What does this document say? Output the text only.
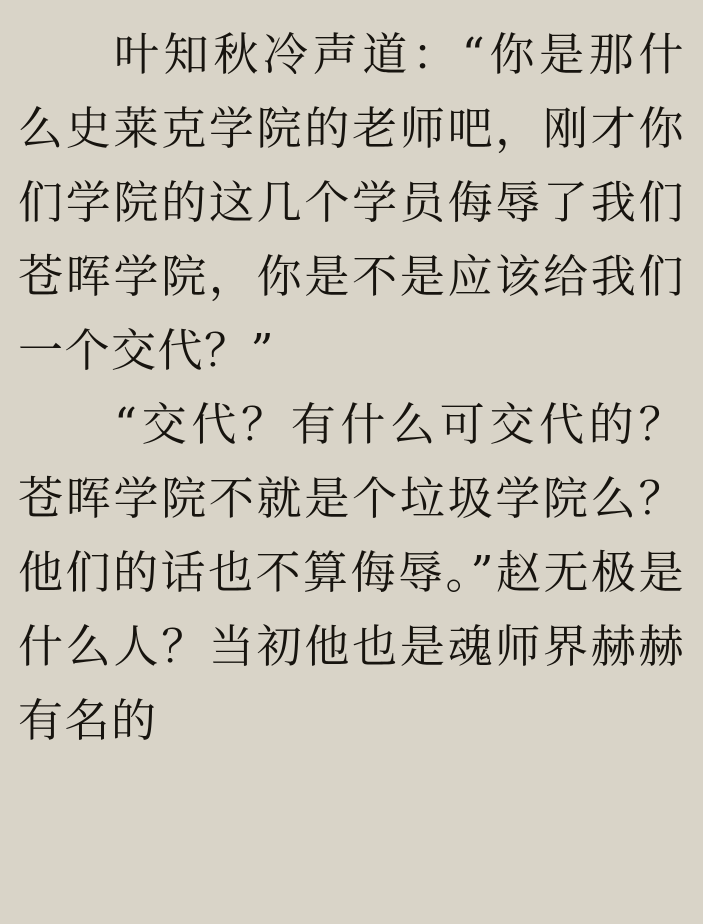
叶知秋冷声道：“你是那什么史莱克学院的老师吧，刚才你们学院的这几个学员侮辱了我们苍晖学院，你是不是应该给我们一个交代？”

“交代？有什么可交代的？苍晖学院不就是个垃圾学院么？他们的话也不算侮辱。”赵无极是什么人？当初他也是魂师界赫赫有名的
